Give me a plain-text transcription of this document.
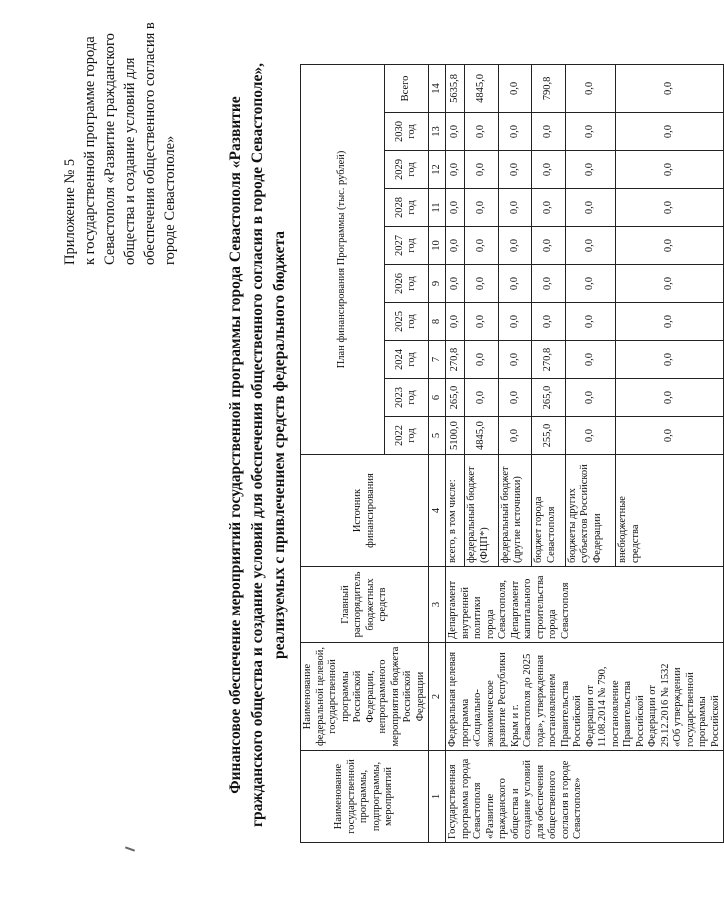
Приложение № 5 к государственной программе города Севастополя «Развитие гражданского общества и создание условий для обеспечения общественного согласия в городе Севастополе»	Финансовое обеспечение мероприятий государственной программы города Севастополя «Развитие гражданского общества и создание условий для обеспечения общественного согласия в городе Севастополе», реализуемых с привлечением средств федерального бюджета
Наименование государственной программы, подпрограммы, мероприятий	Наименование федеральной целевой, государственной программы Российской Федерации, непрограммного мероприятия бюджета Российской Федерации	Главный распорядитель бюджетных средств	Источник финансирования	План финансирования Программы (тыс. рублей)									
				2022 год	2023 год	2024 год	2025 год	2026 год	2027 год	2028 год	2029 год	2030 год	Всего
1	2	3	4	5	6	7	8	9	10	11	12	13	14
Государственная программа города Севастополя «Развитие гражданского общества и создание условий для обеспечения общественного согласия в городе Севастополе»	Федеральная целевая программа «Социально-экономическое развитие Республики Крым и г. Севастополя до 2025 года», утвержденная постановлением Правительства Российской Федерации от 11.08.2014 № 790, постановление Правительства Российской Федерации от 29.12.2016 № 1532 «Об утверждении государственной программы Российской	Департамент внутренней политики города Севастополя, Департамент капитального строительства города Севастополя	всего, в том числе:	5100,0	265,0	270,8	0,0	0,0	0,0	0,0	0,0	0,0	5635,8
			федеральный бюджет (ФЦП*)	4845,0	0,0	0,0	0,0	0,0	0,0	0,0	0,0	0,0	4845,0
			федеральный бюджет (другие источники)	0,0	0,0	0,0	0,0	0,0	0,0	0,0	0,0	0,0	0,0
			бюджет города Севастополя	255,0	265,0	270,8	0,0	0,0	0,0	0,0	0,0	0,0	790,8
			бюджеты других субъектов Российской Федерации	0,0	0,0	0,0	0,0	0,0	0,0	0,0	0,0	0,0	0,0
			внебюджетные средства	0,0	0,0	0,0	0,0	0,0	0,0	0,0	0,0	0,0	0,0
